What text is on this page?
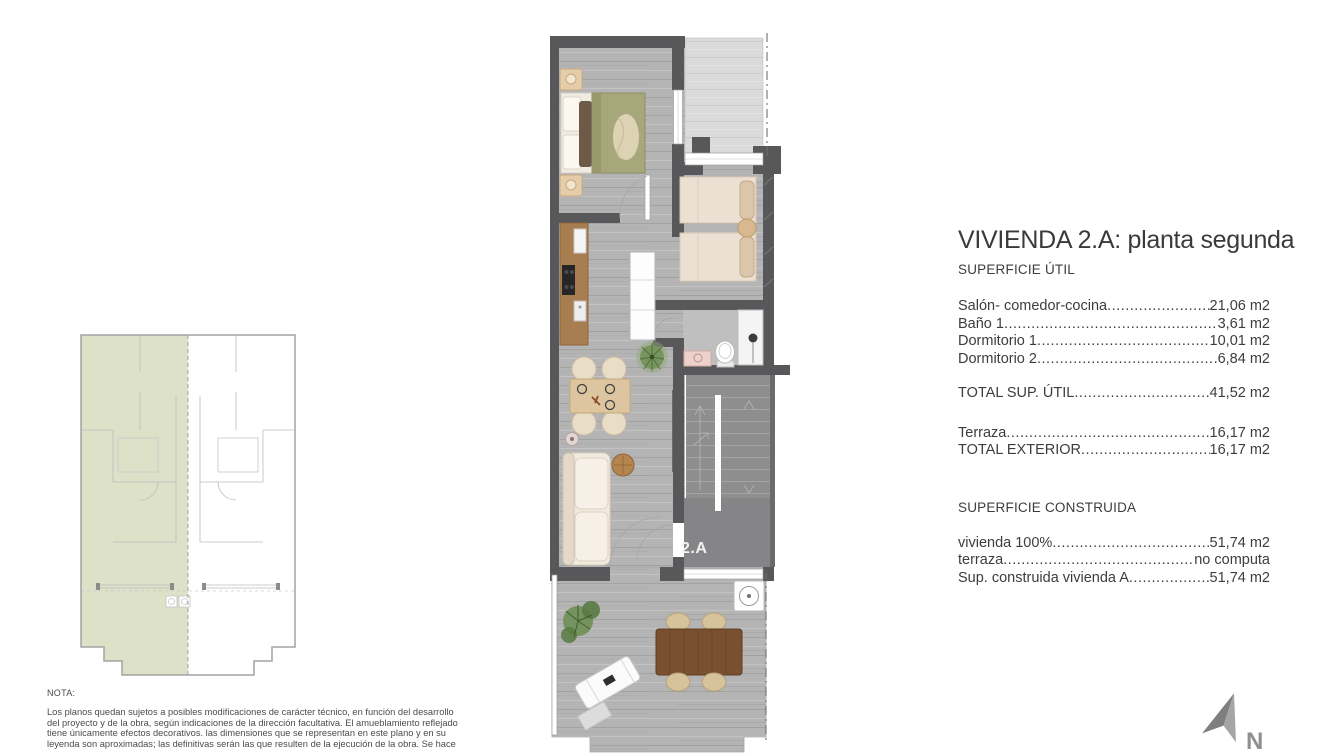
2.A
VIVIENDA 2.A: planta segunda
SUPERFICIE ÚTIL
Salón- comedor-cocina .....	21,06 m2
Baño 1 .....	3,61 m2
Dormitorio 1 .....	10,01 m2
Dormitorio 2 .....	6,84 m2
TOTAL SUP. ÚTIL .....	41,52 m2
Terraza .....	16,17 m2
TOTAL EXTERIOR .....	16,17 m2
SUPERFICIE CONSTRUIDA
vivienda 100% .....	51,74 m2
terraza .....	no computa
Sup. construida vivienda A .....	51,74 m2
NOTA:
Los planos quedan sujetos a posibles modificaciones de carácter técnico, en función del desarrollo
del proyecto y de la obra, según indicaciones de la dirección facultativa. El amueblamiento reflejado
tiene únicamente efectos decorativos. las dimensiones que se representan en este plano y en su
leyenda son aproximadas; las definitivas serán las que resulten de la ejecución de la obra. Se hace	N
